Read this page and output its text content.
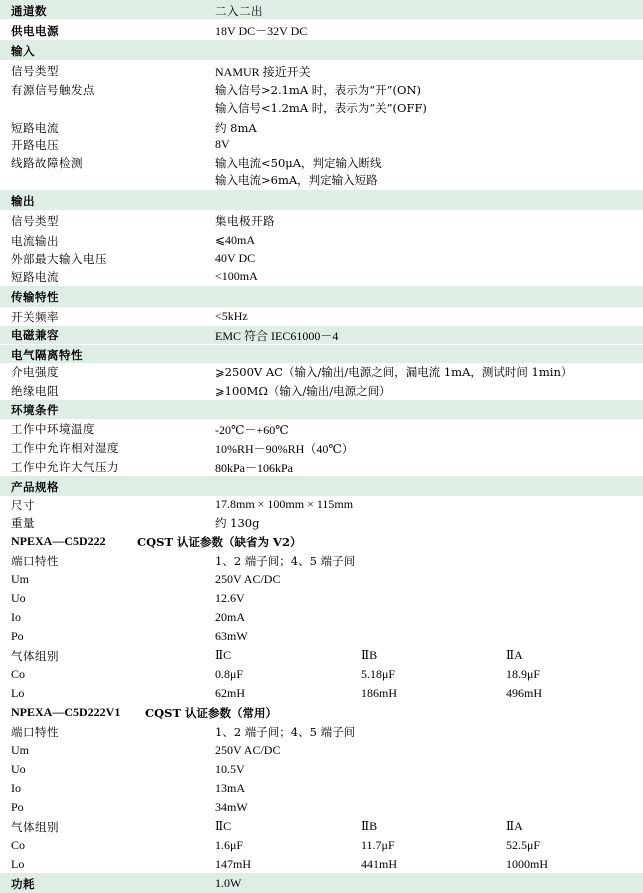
通道数	二入二出
供电电源	18V DC－32V DC
输入
信号类型	NAMUR 接近开关
有源信号触发点	输入信号>2.1mA 时，表示为“开”(ON)
输入信号<1.2mA 时，表示为“关”(OFF)
短路电流	约 8mA
开路电压	8V
线路故障检测	输入电流<50μA，判定输入断线
输入电流>6mA，判定输入短路
输出
信号类型	集电极开路
电流输出	⩽40mA
外部最大输入电压	40V DC
短路电流	<100mA
传输特性
开关频率	<5kHz
电磁兼容	EMC 符合 IEC61000－4
电气隔离特性
介电强度	⩾2500V AC（输入/输出/电源之间，漏电流 1mA，测试时间 1min）
绝缘电阻	⩾100MΩ（输入/输出/电源之间）
环境条件
工作中环境温度	-20℃－+60℃
工作中允许相对湿度	10%RH－90%RH（40℃）
工作中允许大气压力	80kPa－106kPa
产品规格
尺寸	17.8mm × 100mm × 115mm
重量	约 130g
NPEXA—C5D222	CQST 认证参数（缺省为 V2）
端口特性	1、2 端子间；4、5 端子间
Um	250V AC/DC
Uo	12.6V
Io	20mA
Po	63mW
气体组别	ⅡC	ⅡB	ⅡA
Co	0.8μF	5.18μF	18.9μF
Lo	62mH	186mH	496mH
NPEXA—C5D222V1 CQST 认证参数（常用）
端口特性	1、2 端子间；4、5 端子间
Um	250V AC/DC
Uo	10.5V
Io	13mA
Po	34mW
气体组别	ⅡC	ⅡB	ⅡA
Co	1.6μF	11.7μF	52.5μF
Lo	147mH	441mH	1000mH
功耗	1.0W
